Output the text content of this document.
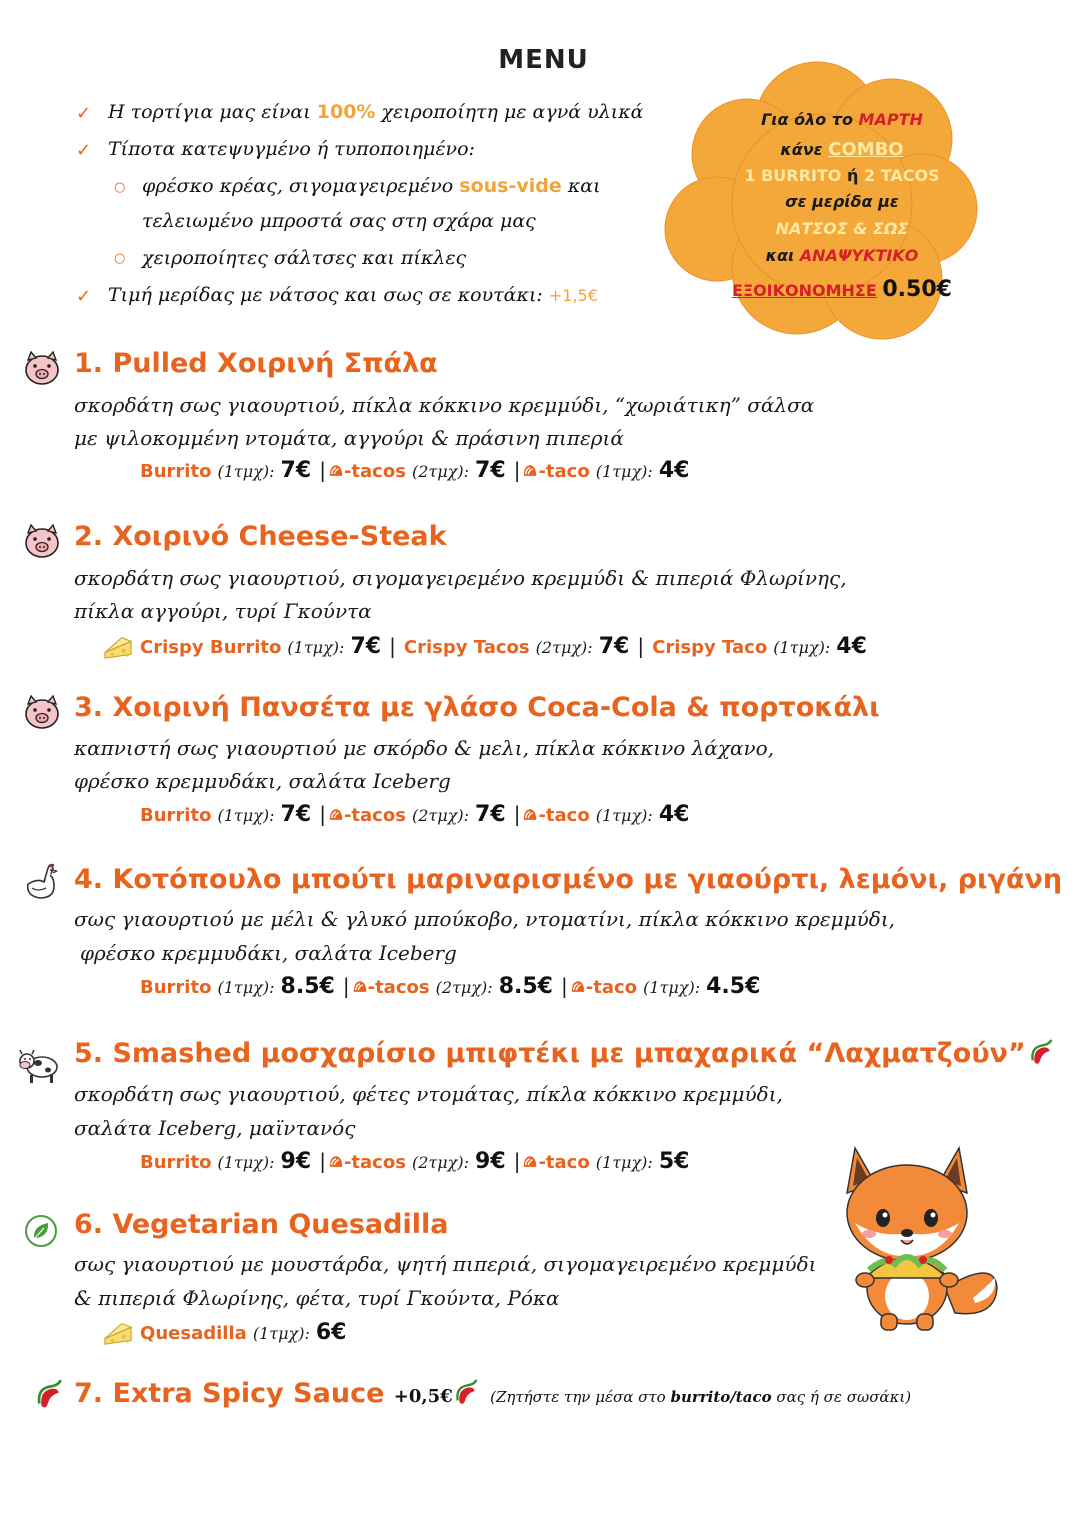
MENU
Η τορτίγια μας είναι 100% χειροποίητη με αγνά υλικά
✓
Τίποτα κατεψυγμένο ή τυποποιημένο:
✓
φρέσκο κρέας, σιγομαγειρεμένο sous-vide και
○
τελειωμένο μπροστά σας στη σχάρα μας
χειροποίητες σάλτσες και πίκλες
○
Τιμή μερίδας με νάτσος και σως σε κουτάκι: +1,5€
✓
Για όλο το ΜΑΡΤΗ
κάνε COMBO
1 BURRITO ή 2 TACOS
σε μερίδα με
ΝΑΤΣΟΣ & ΣΩΣ
και ΑΝΑΨΥΚΤΙΚΟ
ΕΞΟΙΚΟΝΟΜΗΣΕ 0.50€
1. Pulled Χοιρινή Σπάλα
σκορδάτη σως γιαουρτιού, πίκλα κόκκινο κρεμμύδι, “χωριάτικη” σάλσα
με ψιλοκομμένη ντομάτα, αγγούρι & πράσινη πιπεριά
Burrito (1τμχ): 7€ | -tacos (2τμχ): 7€ | -taco (1τμχ): 4€
2. Χοιρινό Cheese-Steak
σκορδάτη σως γιαουρτιού, σιγομαγειρεμένο κρεμμύδι & πιπεριά Φλωρίνης,
πίκλα αγγούρι, τυρί Γκούντα
Crispy Burrito (1τμχ): 7€ | Crispy Tacos (2τμχ): 7€ | Crispy Taco (1τμχ): 4€
3. Χοιρινή Πανσέτα με γλάσο Coca-Cola & πορτοκάλι
καπνιστή σως γιαουρτιού με σκόρδο & μελι, πίκλα κόκκινο λάχανο,
φρέσκο κρεμμυδάκι, σαλάτα Iceberg
Burrito (1τμχ): 7€ | -tacos (2τμχ): 7€ | -taco (1τμχ): 4€
4. Κοτόπουλο μπούτι μαριναρισμένο με γιαούρτι, λεμόνι, ριγάνη
σως γιαουρτιού με μέλι & γλυκό μπούκοβο, ντοματίνι, πίκλα κόκκινο κρεμμύδι,
φρέσκο κρεμμυδάκι, σαλάτα Iceberg
Burrito (1τμχ): 8.5€ | -tacos (2τμχ): 8.5€ | -taco (1τμχ): 4.5€
5. Smashed μοσχαρίσιο μπιφτέκι με μπαχαρικά “Λαχματζούν”
σκορδάτη σως γιαουρτιού, φέτες ντομάτας, πίκλα κόκκινο κρεμμύδι,
σαλάτα Iceberg, μαϊντανός
Burrito (1τμχ): 9€ | -tacos (2τμχ): 9€ | -taco (1τμχ): 5€
6. Vegetarian Quesadilla
σως γιαουρτιού με μουστάρδα, ψητή πιπεριά, σιγομαγειρεμένο κρεμμύδι
& πιπεριά Φλωρίνης, φέτα, τυρί Γκούντα, Ρόκα
Quesadilla (1τμχ): 6€
7. Extra Spicy Sauce +0,5€ (Ζητήστε την μέσα στο burrito/taco σας ή σε σωσάκι)
